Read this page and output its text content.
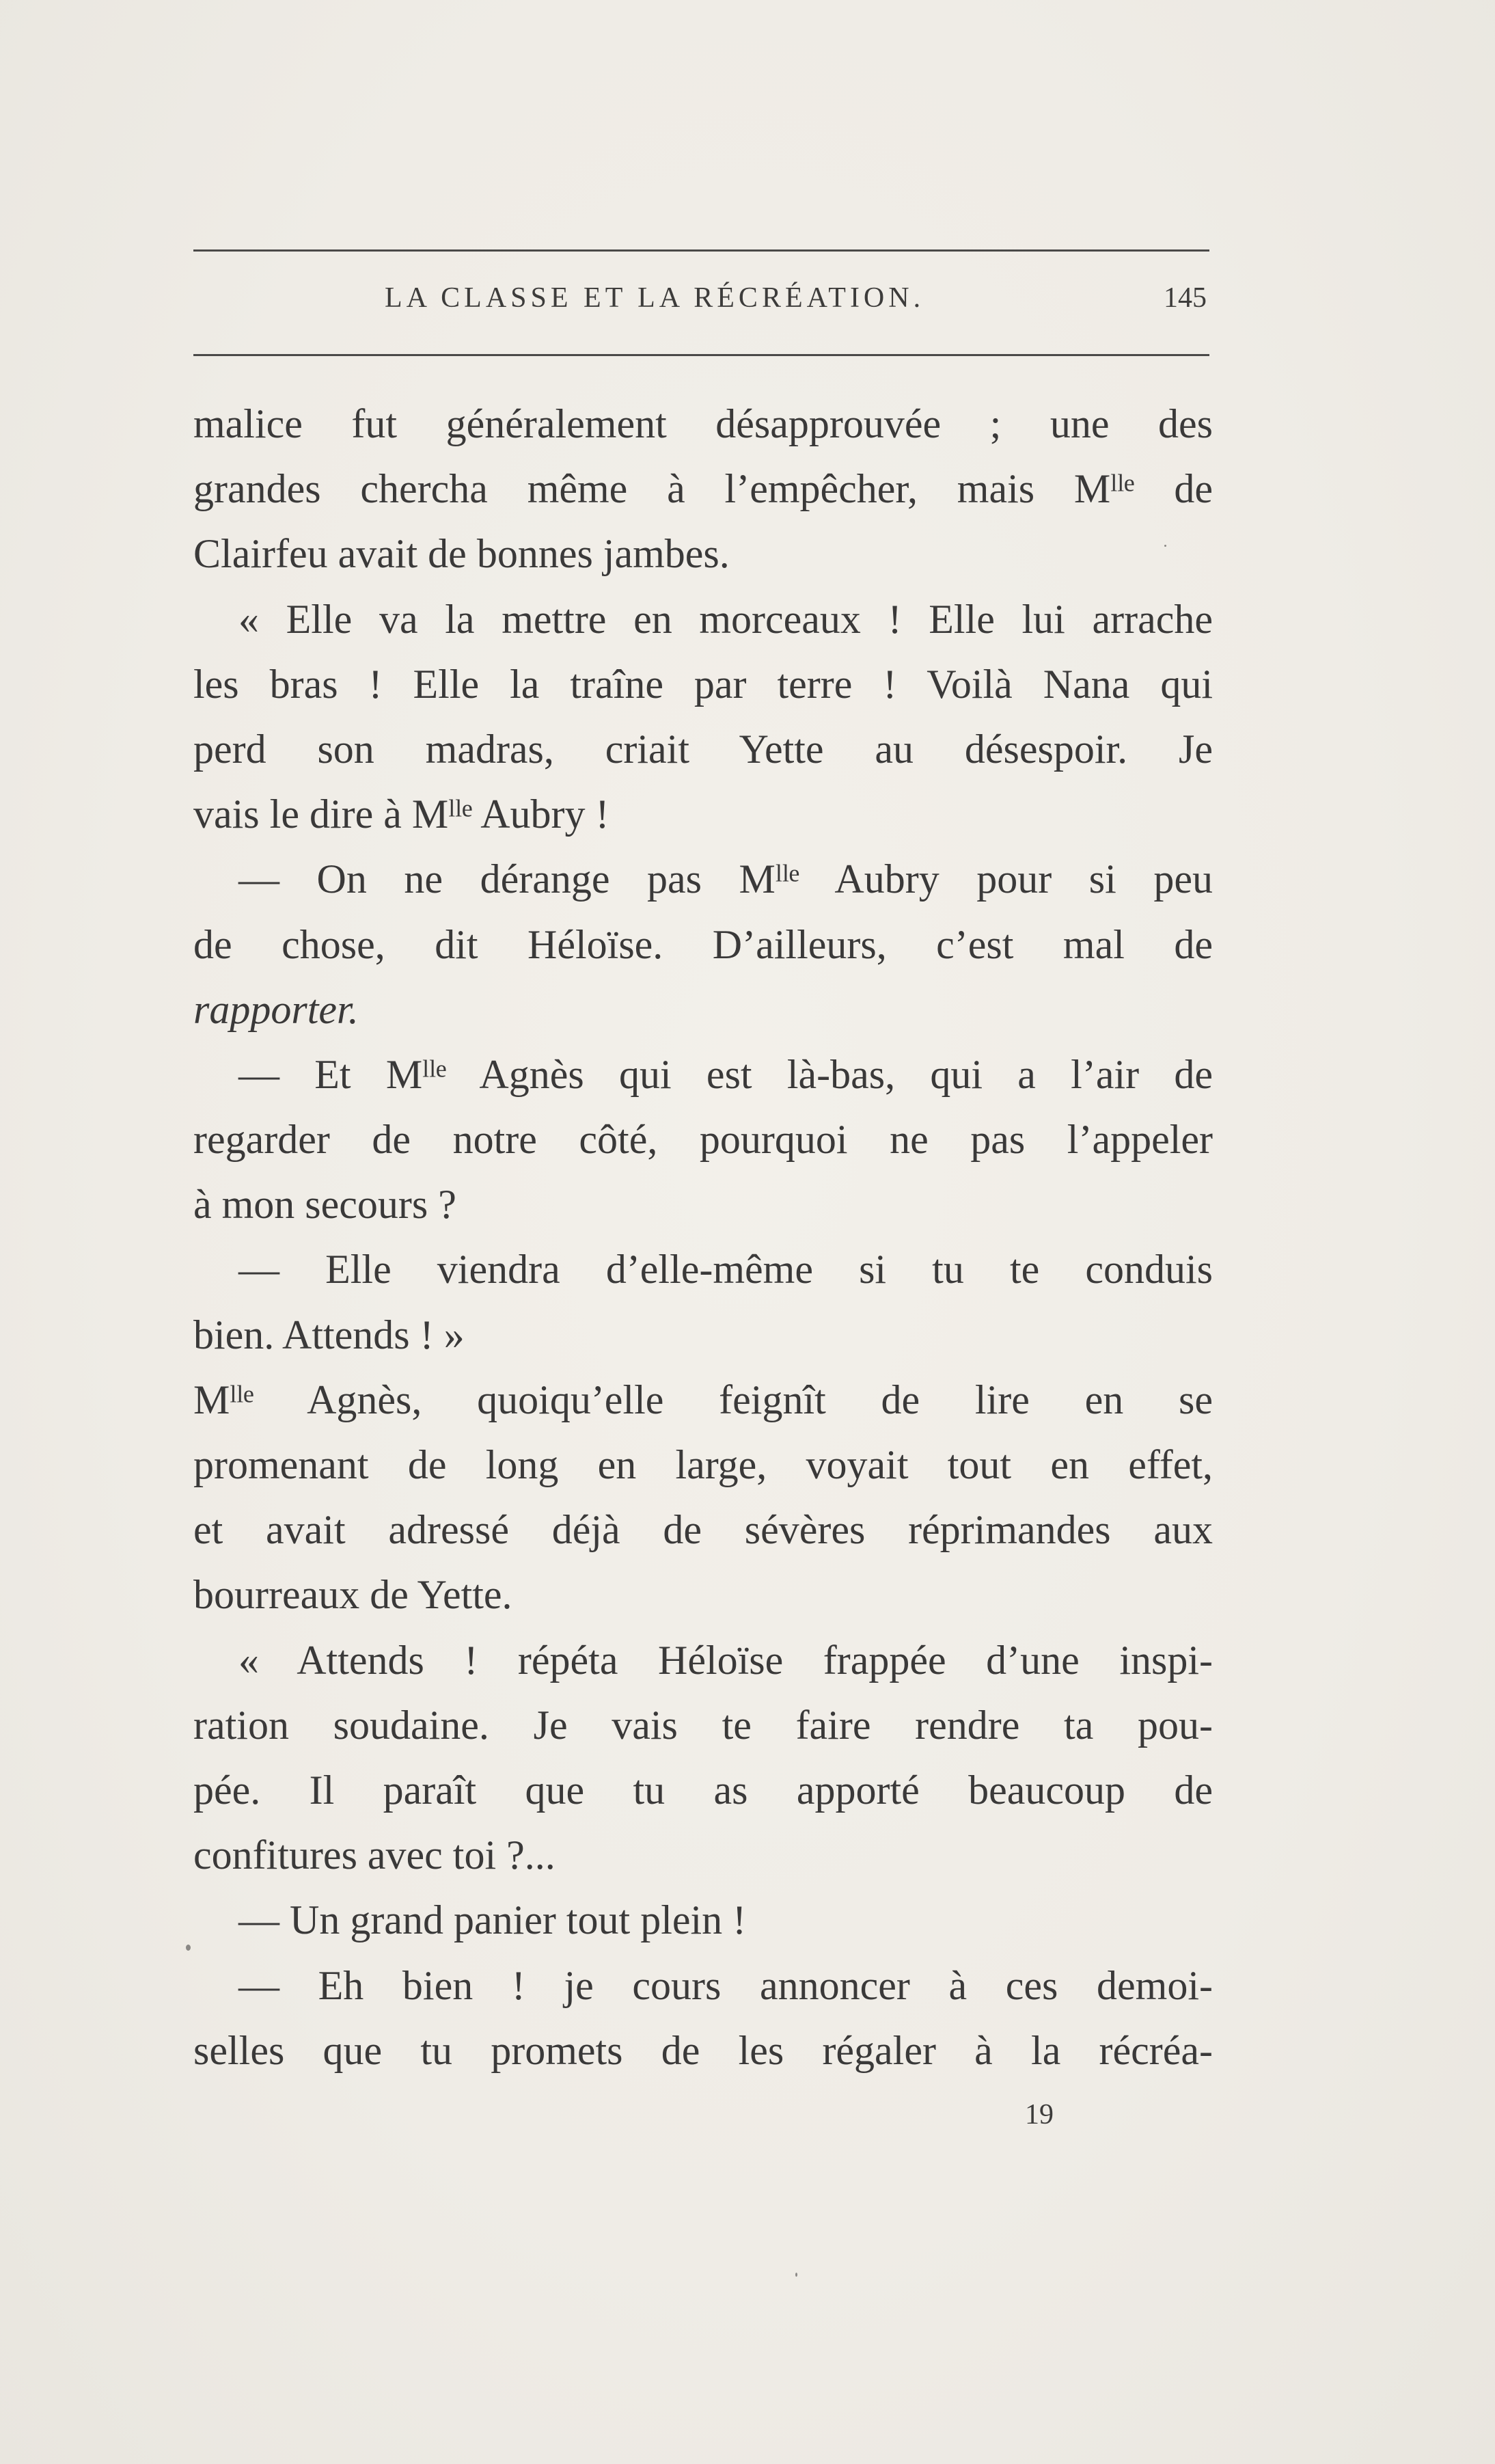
LA CLASSE ET LA RÉCRÉATION.	145
malice fut généralement désapprouvée ; une des
grandes chercha même à l’empêcher, mais Mˡˡᵉ de
Clairfeu avait de bonnes jambes.
« Elle va la mettre en morceaux ! Elle lui arrache
les bras ! Elle la traîne par terre ! Voilà Nana qui
perd son madras, criait Yette au désespoir. Je
vais le dire à Mˡˡᵉ Aubry !
— On ne dérange pas Mˡˡᵉ Aubry pour si peu
de chose, dit Héloïse. D’ailleurs, c’est mal de
rapporter.
— Et Mˡˡᵉ Agnès qui est là-bas, qui a l’air de
regarder de notre côté, pourquoi ne pas l’appeler
à mon secours ?
— Elle viendra d’elle-même si tu te conduis
bien. Attends ! »
Mˡˡᵉ Agnès, quoiqu’elle feignît de lire en se
promenant de long en large, voyait tout en effet,
et avait adressé déjà de sévères réprimandes aux
bourreaux de Yette.
« Attends ! répéta Héloïse frappée d’une inspi-
ration soudaine. Je vais te faire rendre ta pou-
pée. Il paraît que tu as apporté beaucoup de
confitures avec toi ?...
— Un grand panier tout plein !
— Eh bien ! je cours annoncer à ces demoi-
selles que tu promets de les régaler à la récréa-
19
